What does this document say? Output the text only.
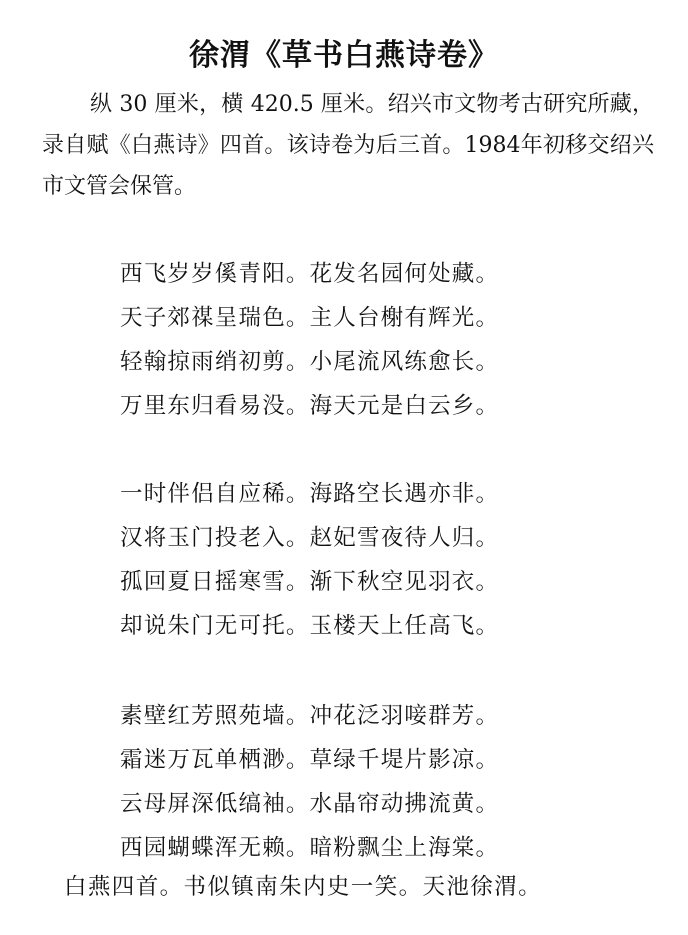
徐渭《草书白燕诗卷》

纵 30 厘米，横 420.5 厘米。绍兴市文物考古研究所藏，录自赋《白燕诗》四首。该诗卷为后三首。1984年初移交绍兴市文管会保管。

西飞岁岁傒青阳。花发名园何处藏。
天子郊禖呈瑞色。主人台榭有辉光。
轻翰掠雨绡初剪。小尾流风练愈长。
万里东归看易没。海天元是白云乡。
一时伴侣自应稀。海路空长遇亦非。
汉将玉门投老入。赵妃雪夜待人归。
孤回夏日摇寒雪。渐下秋空见羽衣。
却说朱门无可托。玉楼天上任高飞。
素壁红芳照苑墙。冲花泛羽唼群芳。
霜迷万瓦单栖渺。草绿千堤片影凉。
云母屏深低缟袖。水晶帘动拂流黄。
西园蝴蝶浑无赖。暗粉飘尘上海棠。
白燕四首。书似镇南朱内史一笑。天池徐渭。
